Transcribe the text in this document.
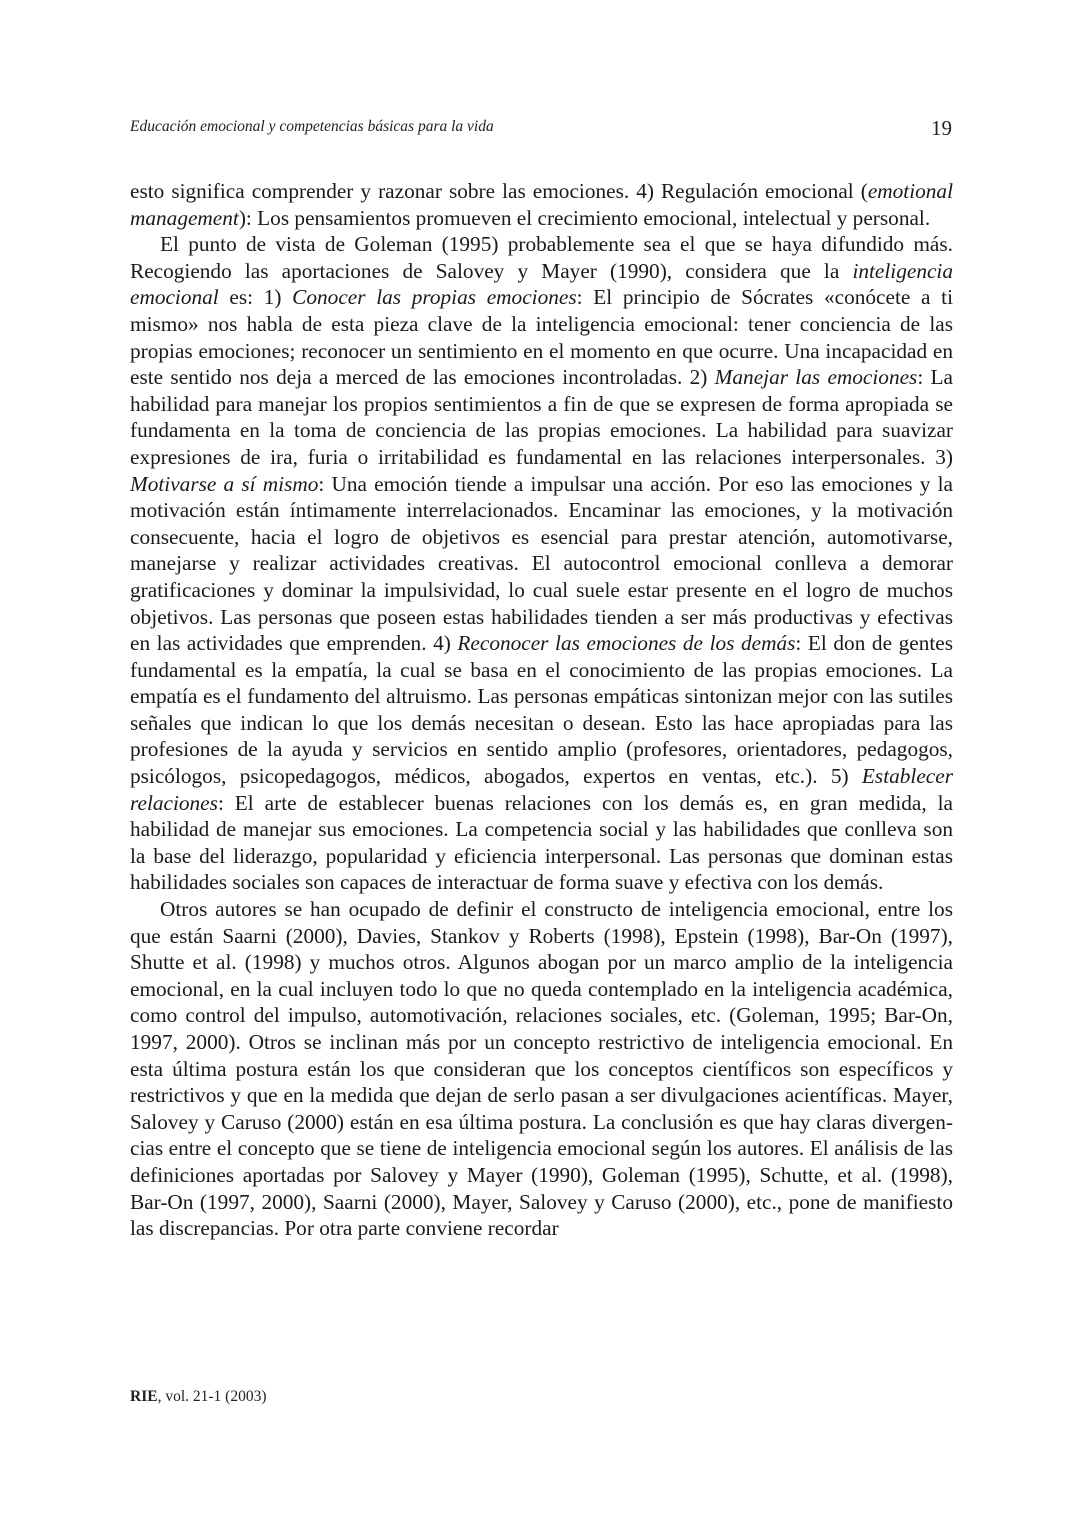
Educación emocional y competencias básicas para la vida	19

esto significa comprender y razonar sobre las emociones. 4) Regulación emocional (emotional management): Los pensamientos promueven el crecimiento emocional, intelectual y personal.

El punto de vista de Goleman (1995) probablemente sea el que se haya difundido más. Recogiendo las aportaciones de Salovey y Mayer (1990), considera que la inteligencia emocional es: 1) Conocer las propias emociones: El principio de Sócrates «conócete a ti mismo» nos habla de esta pieza clave de la inteligencia emocional: tener conciencia de las propias emociones; reconocer un sentimiento en el momento en que ocurre. Una incapacidad en este sentido nos deja a merced de las emociones incontroladas. 2) Manejar las emociones: La habilidad para manejar los propios sentimientos a fin de que se expresen de forma apropiada se fundamenta en la toma de conciencia de las propias emociones. La habilidad para suavizar expresiones de ira, furia o irritabilidad es fundamental en las relaciones interpersonales. 3) Motivarse a sí mismo: Una emoción tiende a impulsar una acción. Por eso las emociones y la motivación están íntimamente interrelacionados. Encaminar las emociones, y la motivación consecuente, hacia el logro de objetivos es esencial para prestar atención, automotivarse, manejarse y realizar actividades creativas. El autocontrol emocional conlleva a demorar gratificaciones y dominar la impulsividad, lo cual suele estar presente en el logro de muchos objetivos. Las personas que poseen estas habilidades tienden a ser más productivas y efectivas en las actividades que emprenden. 4) Reconocer las emociones de los demás: El don de gentes fundamental es la empatía, la cual se basa en el conocimiento de las propias emociones. La empatía es el fundamento del altruismo. Las personas empáticas sintonizan mejor con las sutiles señales que indican lo que los demás necesitan o desean. Esto las hace apropiadas para las profesiones de la ayuda y servicios en sentido amplio (profesores, orientadores, pedagogos, psicólogos, psicopedagogos, médicos, abogados, expertos en ventas, etc.). 5) Establecer relaciones: El arte de establecer buenas relaciones con los demás es, en gran medida, la habilidad de manejar sus emociones. La competencia social y las habilidades que conlleva son la base del liderazgo, popularidad y eficiencia interpersonal. Las personas que dominan estas habilidades sociales son capaces de interactuar de forma suave y efectiva con los demás.

Otros autores se han ocupado de definir el constructo de inteligencia emocional, entre los que están Saarni (2000), Davies, Stankov y Roberts (1998), Epstein (1998), Bar-On (1997), Shutte et al. (1998) y muchos otros. Algunos abogan por un marco amplio de la inteligencia emocional, en la cual incluyen todo lo que no queda contemplado en la inteligencia académica, como control del impulso, automotivación, relaciones sociales, etc. (Goleman, 1995; Bar-On, 1997, 2000). Otros se inclinan más por un concepto restrictivo de inteligencia emocional. En esta última postura están los que consideran que los conceptos científicos son específicos y restrictivos y que en la medida que dejan de serlo pasan a ser divulgaciones acientíficas. Mayer, Salovey y Caruso (2000) están en esa última postura. La conclusión es que hay claras divergencias entre el concepto que se tiene de inteligencia emocional según los autores. El análisis de las definiciones aportadas por Salovey y Mayer (1990), Goleman (1995), Schutte, et al. (1998), Bar-On (1997, 2000), Saarni (2000), Mayer, Salovey y Caruso (2000), etc., pone de manifiesto las discrepancias. Por otra parte conviene recordar

RIE, vol. 21-1 (2003)
